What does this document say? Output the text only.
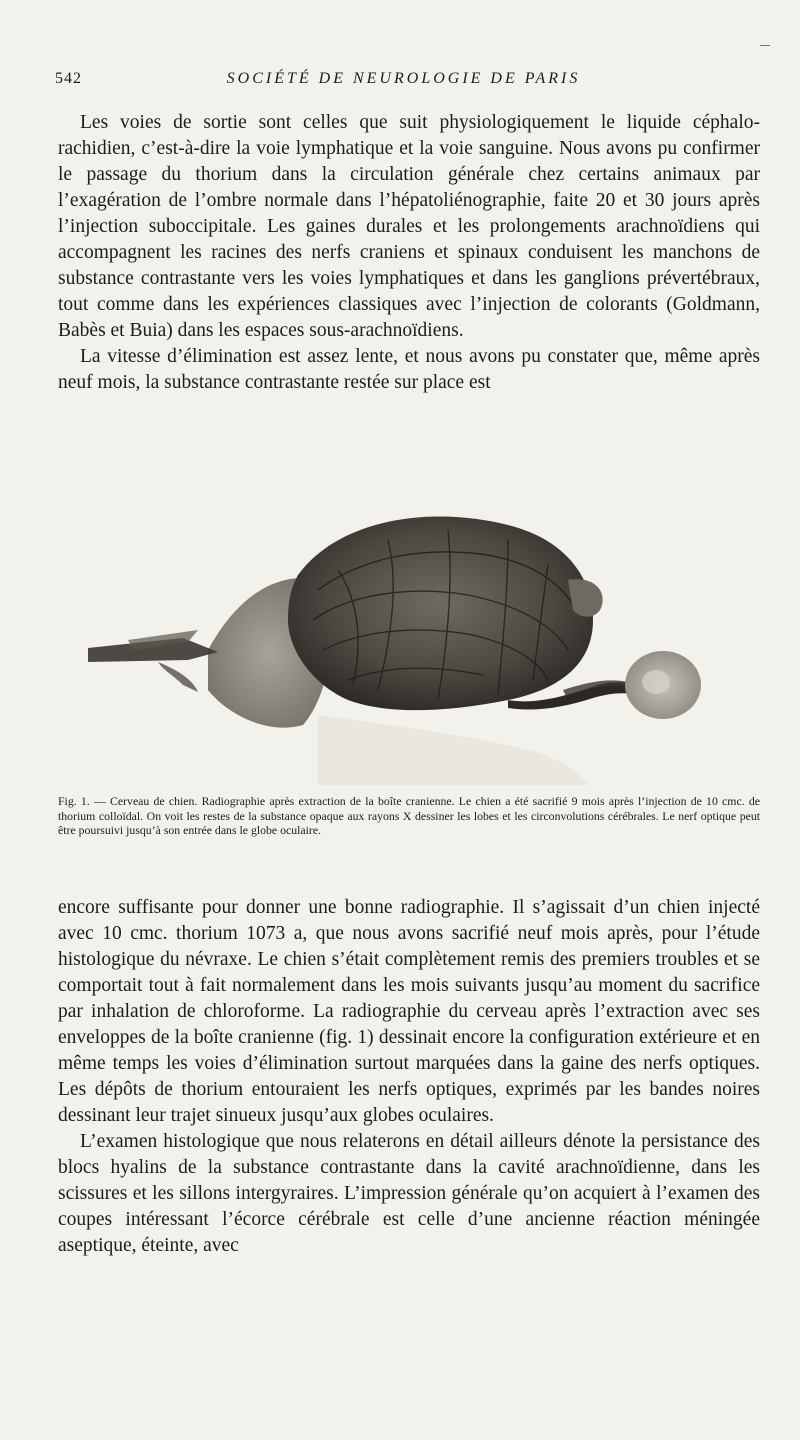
542	SOCIÉTÉ DE NEUROLOGIE DE PARIS

Les voies de sortie sont celles que suit physiologiquement le liquide céphalo-rachidien, c’est-à-dire la voie lymphatique et la voie sanguine. Nous avons pu confirmer le passage du thorium dans la circulation générale chez certains animaux par l’exagération de l’ombre normale dans l’hépatoliénographie, faite 20 et 30 jours après l’injection suboccipitale. Les gaines durales et les prolongements arachnoïdiens qui accompagnent les racines des nerfs craniens et spinaux conduisent les manchons de substance contrastante vers les voies lymphatiques et dans les ganglions prévertébraux, tout comme dans les expériences classiques avec l’injection de colorants (Goldmann, Babès et Buia) dans les espaces sous-arachnoïdiens.

La vitesse d’élimination est assez lente, et nous avons pu constater que, même après neuf mois, la substance contrastante restée sur place est

Fig. 1. — Cerveau de chien. Radiographie après extraction de la boîte cranienne. Le chien a été sacrifié 9 mois après l’injection de 10 cmc. de thorium colloïdal. On voit les restes de la substance opaque aux rayons X dessiner les lobes et les circonvolutions cérébrales. Le nerf optique peut être poursuivi jusqu’à son entrée dans le globe oculaire.

encore suffisante pour donner une bonne radiographie. Il s’agissait d’un chien injecté avec 10 cmc. thorium 1073 a, que nous avons sacrifié neuf mois après, pour l’étude histologique du névraxe. Le chien s’était complètement remis des premiers troubles et se comportait tout à fait normalement dans les mois suivants jusqu’au moment du sacrifice par inhalation de chloroforme. La radiographie du cerveau après l’extraction avec ses enveloppes de la boîte cranienne (fig. 1) dessinait encore la configuration extérieure et en même temps les voies d’élimination surtout marquées dans la gaine des nerfs optiques. Les dépôts de thorium entouraient les nerfs optiques, exprimés par les bandes noires dessinant leur trajet sinueux jusqu’aux globes oculaires.

L’examen histologique que nous relaterons en détail ailleurs dénote la persistance des blocs hyalins de la substance contrastante dans la cavité arachnoïdienne, dans les scissures et les sillons intergyraires. L’impression générale qu’on acquiert à l’examen des coupes intéressant l’écorce cérébrale est celle d’une ancienne réaction méningée aseptique, éteinte, avec
